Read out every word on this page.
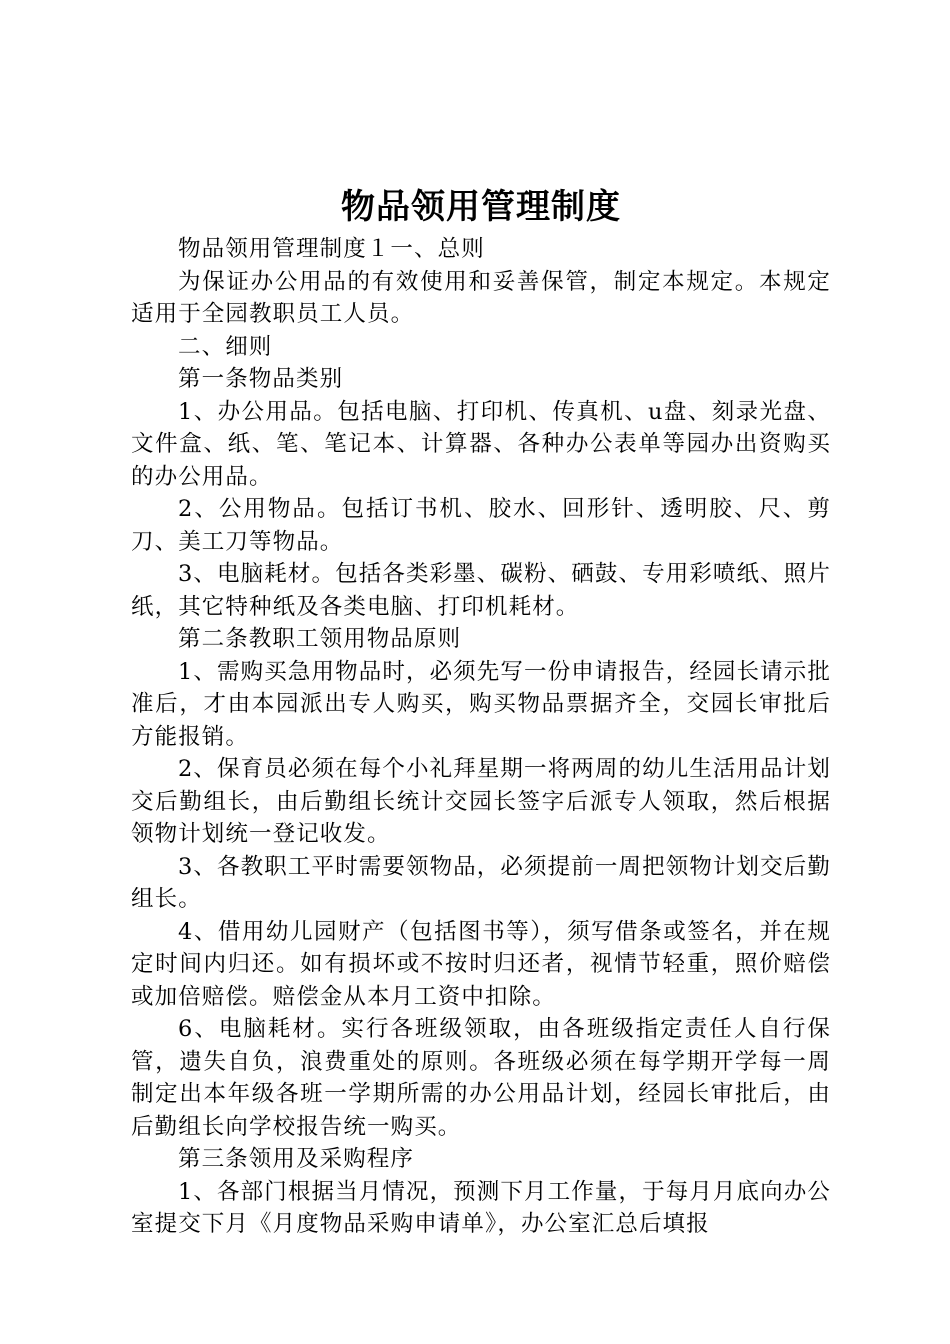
物品领用管理制度

物品领用管理制度１一、总则

为保证办公用品的有效使用和妥善保管，制定本规定。本规定适用于全园教职员工人员。

二、细则

第一条物品类别

1、办公用品。包括电脑、打印机、传真机、u盘、刻录光盘、文件盒、纸、笔、笔记本、计算器、各种办公表单等园办出资购买的办公用品。

2、公用物品。包括订书机、胶水、回形针、透明胶、尺、剪刀、美工刀等物品。

3、电脑耗材。包括各类彩墨、碳粉、硒鼓、专用彩喷纸、照片纸，其它特种纸及各类电脑、打印机耗材。

第二条教职工领用物品原则

1、需购买急用物品时，必须先写一份申请报告，经园长请示批准后，才由本园派出专人购买，购买物品票据齐全，交园长审批后方能报销。

2、保育员必须在每个小礼拜星期一将两周的幼儿生活用品计划交后勤组长，由后勤组长统计交园长签字后派专人领取，然后根据领物计划统一登记收发。

3、各教职工平时需要领物品，必须提前一周把领物计划交后勤组长。

4、借用幼儿园财产（包括图书等），须写借条或签名，并在规定时间内归还。如有损坏或不按时归还者，视情节轻重，照价赔偿或加倍赔偿。赔偿金从本月工资中扣除。

6、电脑耗材。实行各班级领取，由各班级指定责任人自行保管，遗失自负，浪费重处的原则。各班级必须在每学期开学每一周制定出本年级各班一学期所需的办公用品计划，经园长审批后，由后勤组长向学校报告统一购买。

第三条领用及采购程序

1、各部门根据当月情况，预测下月工作量，于每月月底向办公室提交下月《月度物品采购申请单》，办公室汇总后填报
